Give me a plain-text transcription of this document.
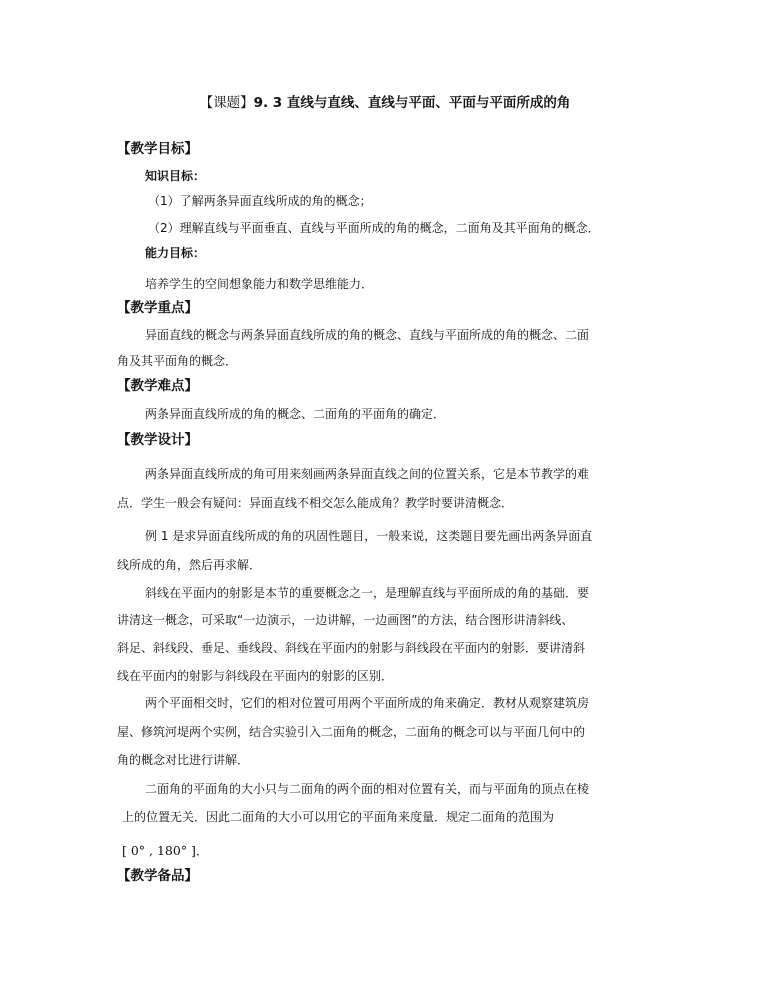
【课题】9. 3 直线与直线、直线与平面、平面与平面所成的角
【教学目标】
知识目标：
（1）了解两条异面直线所成的角的概念；
（2）理解直线与平面垂直、直线与平面所成的角的概念，二面角及其平面角的概念．
能力目标：
培养学生的空间想象能力和数学思维能力．
【教学重点】
异面直线的概念与两条异面直线所成的角的概念、直线与平面所成的角的概念、二面
角及其平面角的概念．
【教学难点】
两条异面直线所成的角的概念、二面角的平面角的确定．
【教学设计】
两条异面直线所成的角可用来刻画两条异面直线之间的位置关系，它是本节教学的难
点．学生一般会有疑问：异面直线不相交怎么能成角？教学时要讲清概念．
例 1 是求异面直线所成的角的巩固性题目，一般来说，这类题目要先画出两条异面直
线所成的角，然后再求解．
斜线在平面内的射影是本节的重要概念之一，是理解直线与平面所成的角的基础．要
讲清这一概念，可采取“一边演示，一边讲解，一边画图”的方法，结合图形讲清斜线、
斜足、斜线段、垂足、垂线段、斜线在平面内的射影与斜线段在平面内的射影．要讲清斜
线在平面内的射影与斜线段在平面内的射影的区别．
两个平面相交时，它们的相对位置可用两个平面所成的角来确定．教材从观察建筑房
屋、修筑河堤两个实例，结合实验引入二面角的概念，二面角的概念可以与平面几何中的
角的概念对比进行讲解．
二面角的平面角的大小只与二面角的两个面的相对位置有关，而与平面角的顶点在棱
上的位置无关．因此二面角的大小可以用它的平面角来度量．规定二面角的范围为
[ 0° , 180° ]．
【教学备品】
